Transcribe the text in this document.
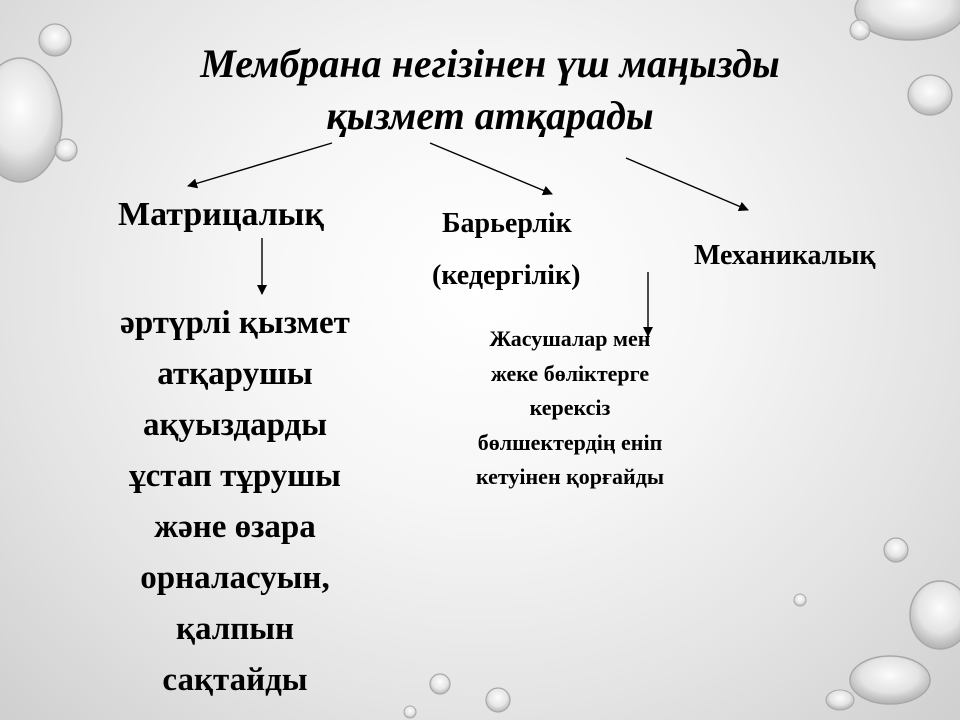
Мембрана негізінен үш маңызды
қызмет атқарады
Матрицалық	Барьерлік
(кедергілік)
Механикалық
әртүрлі қызмет
атқарушы
ақуыздарды
ұстап тұрушы
және өзара
орналасуын,
қалпын
сақтайды
Жасушалар мен
жеке бөліктерге
керексіз
бөлшектердің еніп
кетуінен қорғайды
